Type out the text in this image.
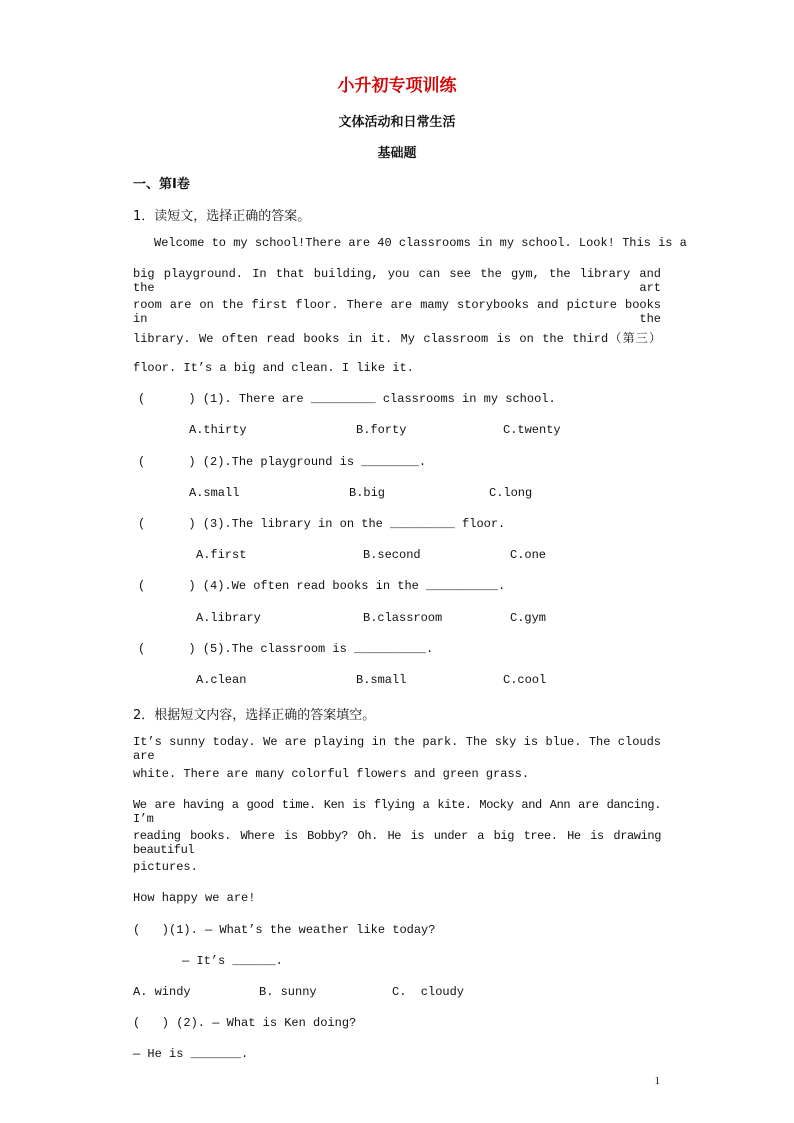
小升初专项训练
文体活动和日常生活
基础题
一、第I卷
1．读短文，选择正确的答案。
Welcome to my school!There are 40 classrooms in my school. Look! This is a
big playground. In that building, you can see the gym, the library and the art
room are on the first floor. There are mamy storybooks and picture books in the
library. We often read books in it. My classroom is on the third（第三）
floor. It’s a big and clean. I like it.
(      ) (1). There are _________ classrooms in my school.
A.thirty	B.forty	C.twenty
(      ) (2).The playground is ________.
A.small	B.big	C.long
(      ) (3).The library in on the _________ floor.
A.first	B.second	C.one
(      ) (4).We often read books in the __________.
A.library	B.classroom	C.gym
(      ) (5).The classroom is __________.
A.clean	B.small	C.cool
2．根据短文内容，选择正确的答案填空。
It’s sunny today. We are playing in the park. The sky is blue. The clouds are
white. There are many colorful flowers and green grass.
We are having a good time. Ken is flying a kite. Mocky and Ann are dancing. I’m
reading books. Where is Bobby? Oh. He is under a big tree. He is drawing beautiful
pictures.
How happy we are!
(   )(1). — What’s the weather like today?
— It’s ______.
A. windy	B. sunny	C.  cloudy
(   ) (2). — What is Ken doing?
— He is _______.
1
